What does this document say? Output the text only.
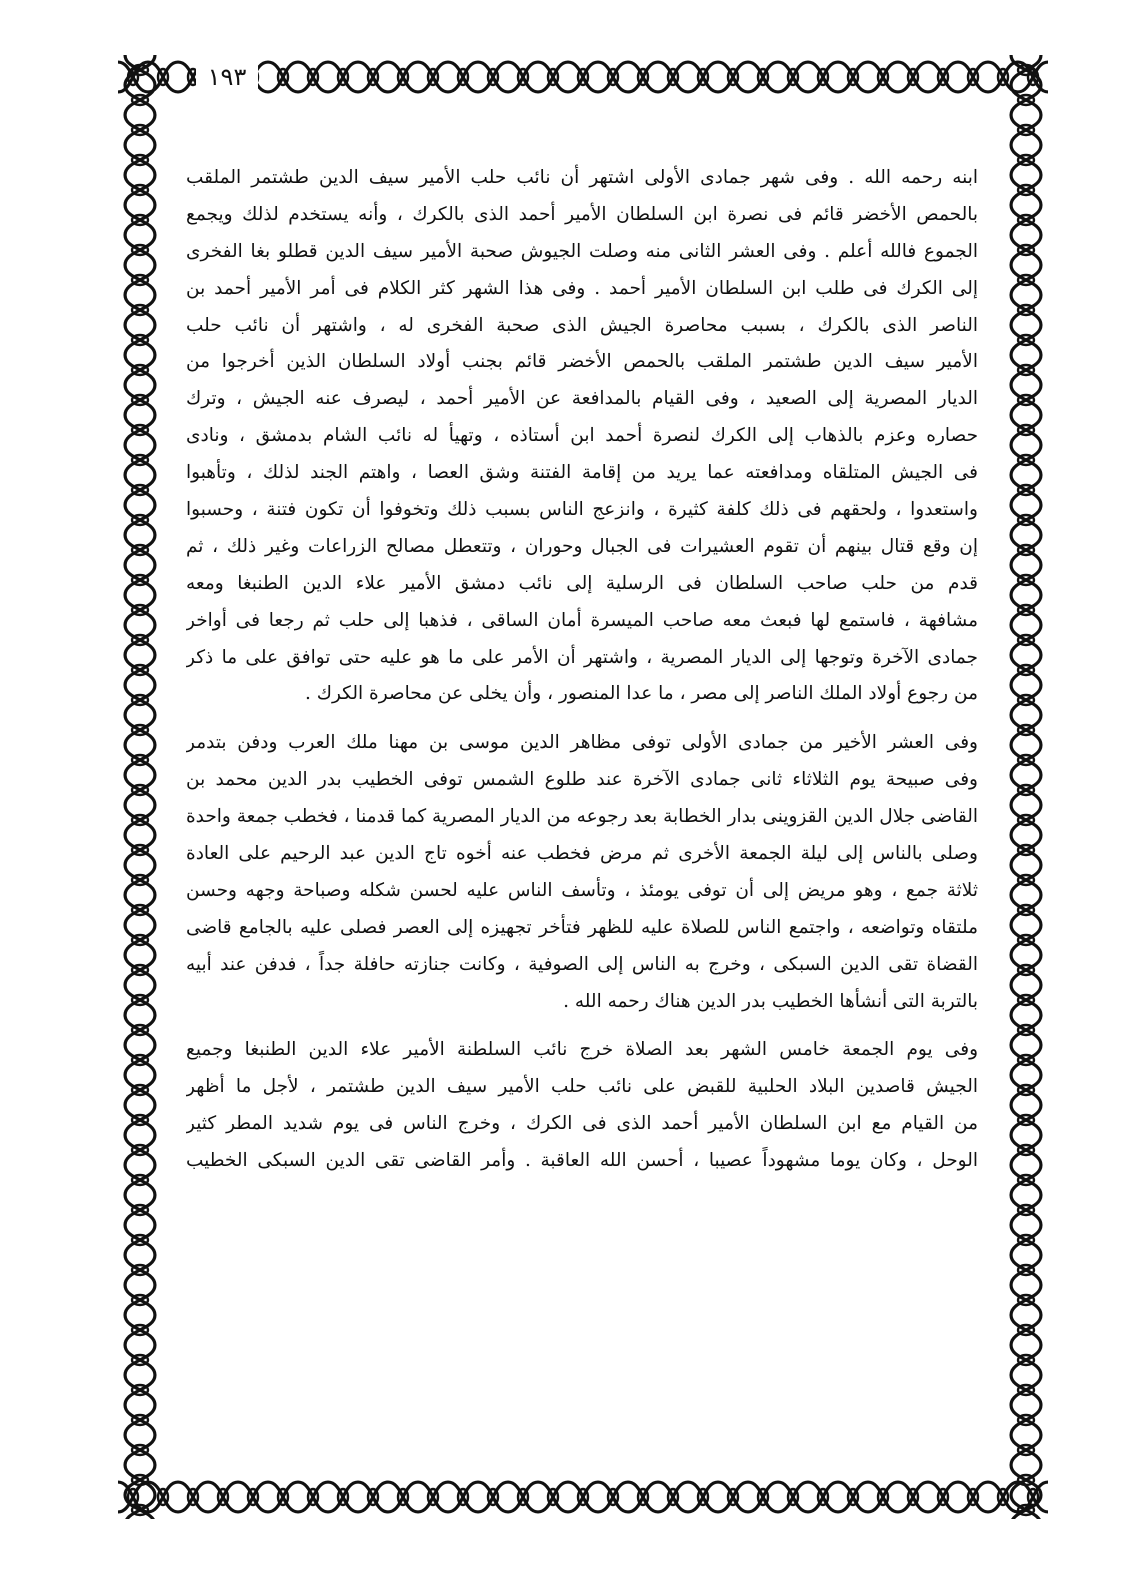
١٩٣
ابنه رحمه الله . وفى شهر جمادى الأولى اشتهر أن نائب حلب الأمير سيف الدين طشتمر الملقب
بالحمص الأخضر قائم فى نصرة ابن السلطان الأمير أحمد الذى بالكرك ، وأنه يستخدم لذلك ويجمع
الجموع فالله أعلم . وفى العشر الثانى منه وصلت الجيوش صحبة الأمير سيف الدين قطلو بغا الفخرى
إلى الكرك فى طلب ابن السلطان الأمير أحمد . وفى هذا الشهر كثر الكلام فى أمر الأمير أحمد بن
الناصر الذى بالكرك ، بسبب محاصرة الجيش الذى صحبة الفخرى له ، واشتهر أن نائب حلب
الأمير سيف الدين طشتمر الملقب بالحمص الأخضر قائم بجنب أولاد السلطان الذين أخرجوا من
الديار المصرية إلى الصعيد ، وفى القيام بالمدافعة عن الأمير أحمد ، ليصرف عنه الجيش ، وترك
حصاره وعزم بالذهاب إلى الكرك لنصرة أحمد ابن أستاذه ، وتهيأ له نائب الشام بدمشق ، ونادى
فى الجيش المتلقاه ومدافعته عما يريد من إقامة الفتنة وشق العصا ، واهتم الجند لذلك ، وتأهبوا
واستعدوا ، ولحقهم فى ذلك كلفة كثيرة ، وانزعج الناس بسبب ذلك وتخوفوا أن تكون فتنة ، وحسبوا
إن وقع قتال بينهم أن تقوم العشيرات فى الجبال وحوران ، وتتعطل مصالح الزراعات وغير ذلك ، ثم
قدم من حلب صاحب السلطان فى الرسلية إلى نائب دمشق الأمير علاء الدين الطنبغا ومعه
مشافهة ، فاستمع لها فبعث معه صاحب الميسرة أمان الساقى ، فذهبا إلى حلب ثم رجعا فى أواخر
جمادى الآخرة وتوجها إلى الديار المصرية ، واشتهر أن الأمر على ما هو عليه حتى توافق على ما ذكر
من رجوع أولاد الملك الناصر إلى مصر ، ما عدا المنصور ، وأن يخلى عن محاصرة الكرك .
وفى العشر الأخير من جمادى الأولى توفى مظاهر الدين موسى بن مهنا ملك العرب ودفن بتدمر
وفى صبيحة يوم الثلاثاء ثانى جمادى الآخرة عند طلوع الشمس توفى الخطيب بدر الدين محمد بن
القاضى جلال الدين القزوينى بدار الخطابة بعد رجوعه من الديار المصرية كما قدمنا ، فخطب جمعة واحدة
وصلى بالناس إلى ليلة الجمعة الأخرى ثم مرض فخطب عنه أخوه تاج الدين عبد الرحيم على العادة
ثلاثة جمع ، وهو مريض إلى أن توفى يومئذ ، وتأسف الناس عليه لحسن شكله وصباحة وجهه وحسن
ملتقاه وتواضعه ، واجتمع الناس للصلاة عليه للظهر فتأخر تجهيزه إلى العصر فصلى عليه بالجامع قاضى
القضاة تقى الدين السبكى ، وخرج به الناس إلى الصوفية ، وكانت جنازته حافلة جداً ، فدفن عند أبيه
بالتربة التى أنشأها الخطيب بدر الدين هناك رحمه الله .
وفى يوم الجمعة خامس الشهر بعد الصلاة خرج نائب السلطنة الأمير علاء الدين الطنبغا وجميع
الجيش قاصدين البلاد الحلبية للقبض على نائب حلب الأمير سيف الدين طشتمر ، لأجل ما أظهر
من القيام مع ابن السلطان الأمير أحمد الذى فى الكرك ، وخرج الناس فى يوم شديد المطر كثير
الوحل ، وكان يوما مشهوداً عصيبا ، أحسن الله العاقبة . وأمر القاضى تقى الدين السبكى الخطيب
